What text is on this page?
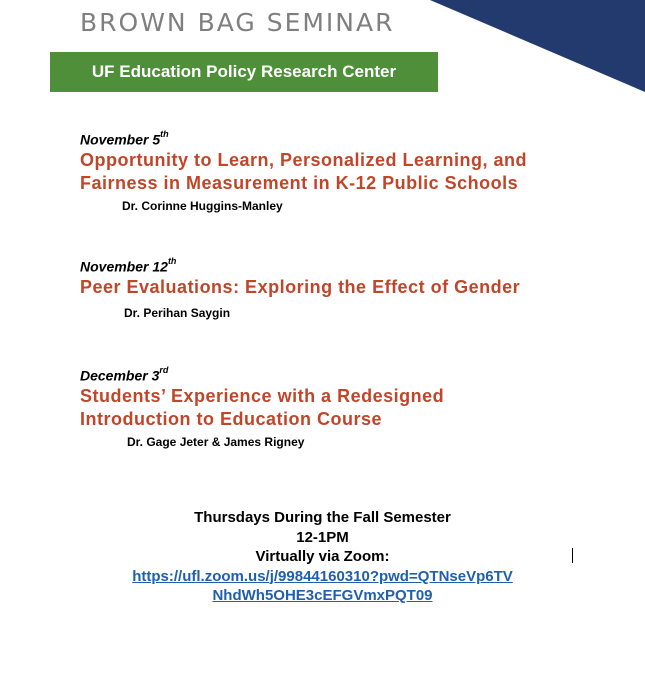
BROWN BAG SEMINAR
UF Education Policy Research Center

November 5th

Opportunity to Learn, Personalized Learning, and
Fairness in Measurement in K-12 Public Schools

Dr. Corinne Huggins-Manley

November 12th

Peer Evaluations: Exploring the Effect of Gender

Dr. Perihan Saygin

December 3rd

Students’ Experience with a Redesigned
Introduction to Education Course

Dr. Gage Jeter & James Rigney

Thursdays During the Fall Semester

12-1PM

Virtually via Zoom:

https://ufl.zoom.us/j/99844160310?pwd=QTNseVp6TV
NhdWh5OHE3cEFGVmxPQT09
